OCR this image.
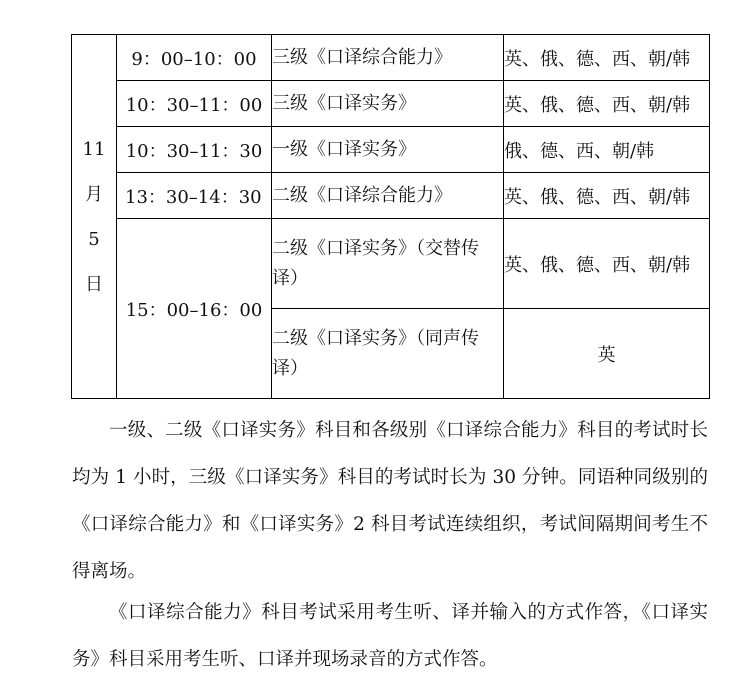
11
月
5
日	9：00–10：00	三级《口译综合能力》	英、俄、德、西、朝/韩
	10：30–11：00	三级《口译实务》	英、俄、德、西、朝/韩
	10：30–11：30	一级《口译实务》	俄、德、西、朝/韩
	13：30–14：30	二级《口译综合能力》	英、俄、德、西、朝/韩
	15：00–16：00	二级《口译实务》（交替传译）	英、俄、德、西、朝/韩
		二级《口译实务》（同声传译）	英

一级、二级《口译实务》科目和各级别《口译综合能力》科目的考试时长均为 1 小时，三级《口译实务》科目的考试时长为 30 分钟。同语种同级别的《口译综合能力》和《口译实务》2 科目考试连续组织，考试间隔期间考生不得离场。

《口译综合能力》科目考试采用考生听、译并输入的方式作答，《口译实务》科目采用考生听、口译并现场录音的方式作答。
